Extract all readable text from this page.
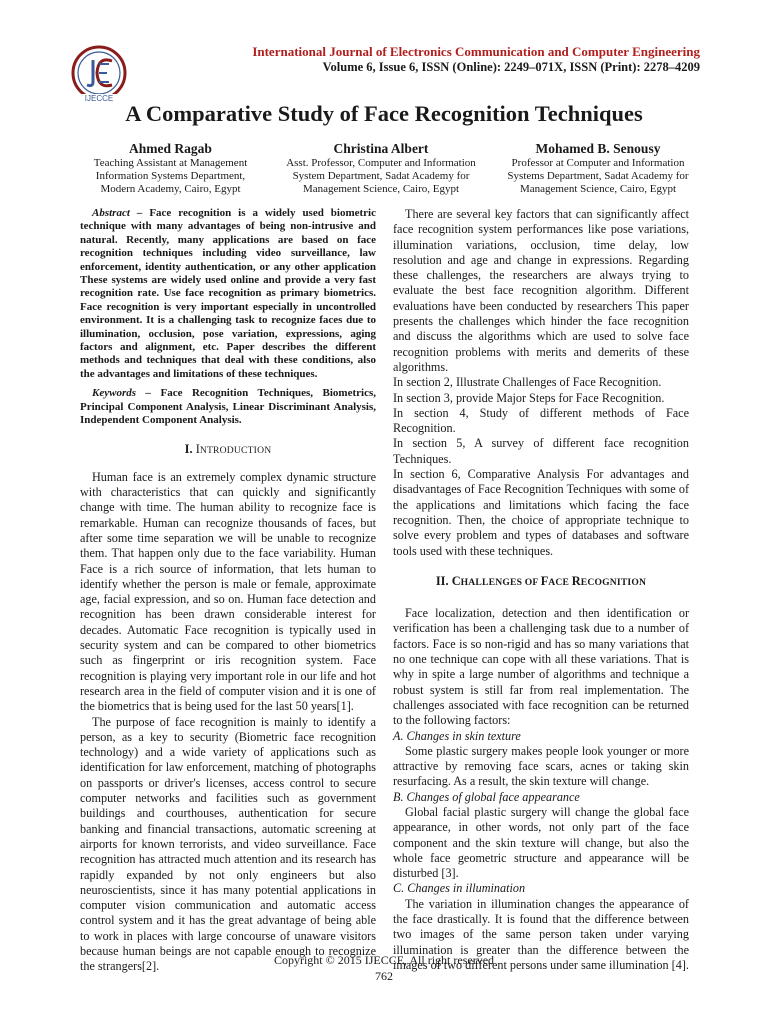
IJECCE
International Journal of Electronics Communication and Computer Engineering
Volume 6, Issue 6, ISSN (Online): 2249–071X, ISSN (Print): 2278–4209
A Comparative Study of Face Recognition Techniques
Ahmed Ragab
Teaching Assistant at Management Information Systems Department, Modern Academy, Cairo, Egypt
Christina Albert
Asst. Professor, Computer and Information System Department, Sadat Academy for Management Science, Cairo, Egypt
Mohamed B. Senousy
Professor at Computer and Information Systems Department, Sadat Academy for Management Science, Cairo, Egypt
Abstract – Face recognition is a widely used biometric technique with many advantages of being non-intrusive and natural. Recently, many applications are based on face recognition techniques including video surveillance, law enforcement, identity authentication, or any other application These systems are widely used online and provide a very fast recognition rate. Use face recognition as primary biometrics. Face recognition is very important especially in uncontrolled environment. It is a challenging task to recognize faces due to illumination, occlusion, pose variation, expressions, aging factors and alignment, etc. Paper describes the different methods and techniques that deal with these conditions, also the advantages and limitations of these techniques.
Keywords – Face Recognition Techniques, Biometrics, Principal Component Analysis, Linear Discriminant Analysis, Independent Component Analysis.
I. INTRODUCTION
Human face is an extremely complex dynamic structure with characteristics that can quickly and significantly change with time. The human ability to recognize face is remarkable. Human can recognize thousands of faces, but after some time separation we will be unable to recognize them. That happen only due to the face variability. Human Face is a rich source of information, that lets human to identify whether the person is male or female, approximate age, facial expression, and so on. Human face detection and recognition has been drawn considerable interest for decades. Automatic Face recognition is typically used in security system and can be compared to other biometrics such as fingerprint or iris recognition system. Face recognition is playing very important role in our life and hot research area in the field of computer vision and it is one of the biometrics that is being used for the last 50 years[1].
The purpose of face recognition is mainly to identify a person, as a key to security (Biometric face recognition technology) and a wide variety of applications such as identification for law enforcement, matching of photographs on passports or driver's licenses, access control to secure computer networks and facilities such as government buildings and courthouses, authentication for secure banking and financial transactions, automatic screening at airports for known terrorists, and video surveillance. Face recognition has attracted much attention and its research has rapidly expanded by not only engineers but also neuroscientists, since it has many potential applications in computer vision communication and automatic access control system and it has the great advantage of being able to work in places with large concourse of unaware visitors because human beings are not capable enough to recognize the strangers[2].
There are several key factors that can significantly affect face recognition system performances like pose variations, illumination variations, occlusion, time delay, low resolution and age and change in expressions. Regarding these challenges, the researchers are always trying to evaluate the best face recognition algorithm. Different evaluations have been conducted by researchers This paper presents the challenges which hinder the face recognition and discuss the algorithms which are used to solve face recognition problems with merits and demerits of these algorithms.
In section 2, Illustrate Challenges of Face Recognition.
In section 3, provide Major Steps for Face Recognition.
In section 4, Study of different methods of Face Recognition.
In section 5, A survey of different face recognition Techniques.
In section 6, Comparative Analysis For advantages and disadvantages of Face Recognition Techniques with some of the applications and limitations which facing the face recognition. Then, the choice of appropriate technique to solve every problem and types of databases and software tools used with these techniques.
II. CHALLENGES OF FACE RECOGNITION
Face localization, detection and then identification or verification has been a challenging task due to a number of factors. Face is so non-rigid and has so many variations that no one technique can cope with all these variations. That is why in spite a large number of algorithms and technique a robust system is still far from real implementation. The challenges associated with face recognition can be returned to the following factors:
A. Changes in skin texture
Some plastic surgery makes people look younger or more attractive by removing face scars, acnes or taking skin resurfacing. As a result, the skin texture will change.
B. Changes of global face appearance
Global facial plastic surgery will change the global face appearance, in other words, not only part of the face component and the skin texture will change, but also the whole face geometric structure and appearance will be disturbed [3].
C. Changes in illumination
The variation in illumination changes the appearance of the face drastically. It is found that the difference between two images of the same person taken under varying illumination is greater than the difference between the images of two different persons under same illumination [4].
Copyright © 2015 IJECCE, All right reserved
762
